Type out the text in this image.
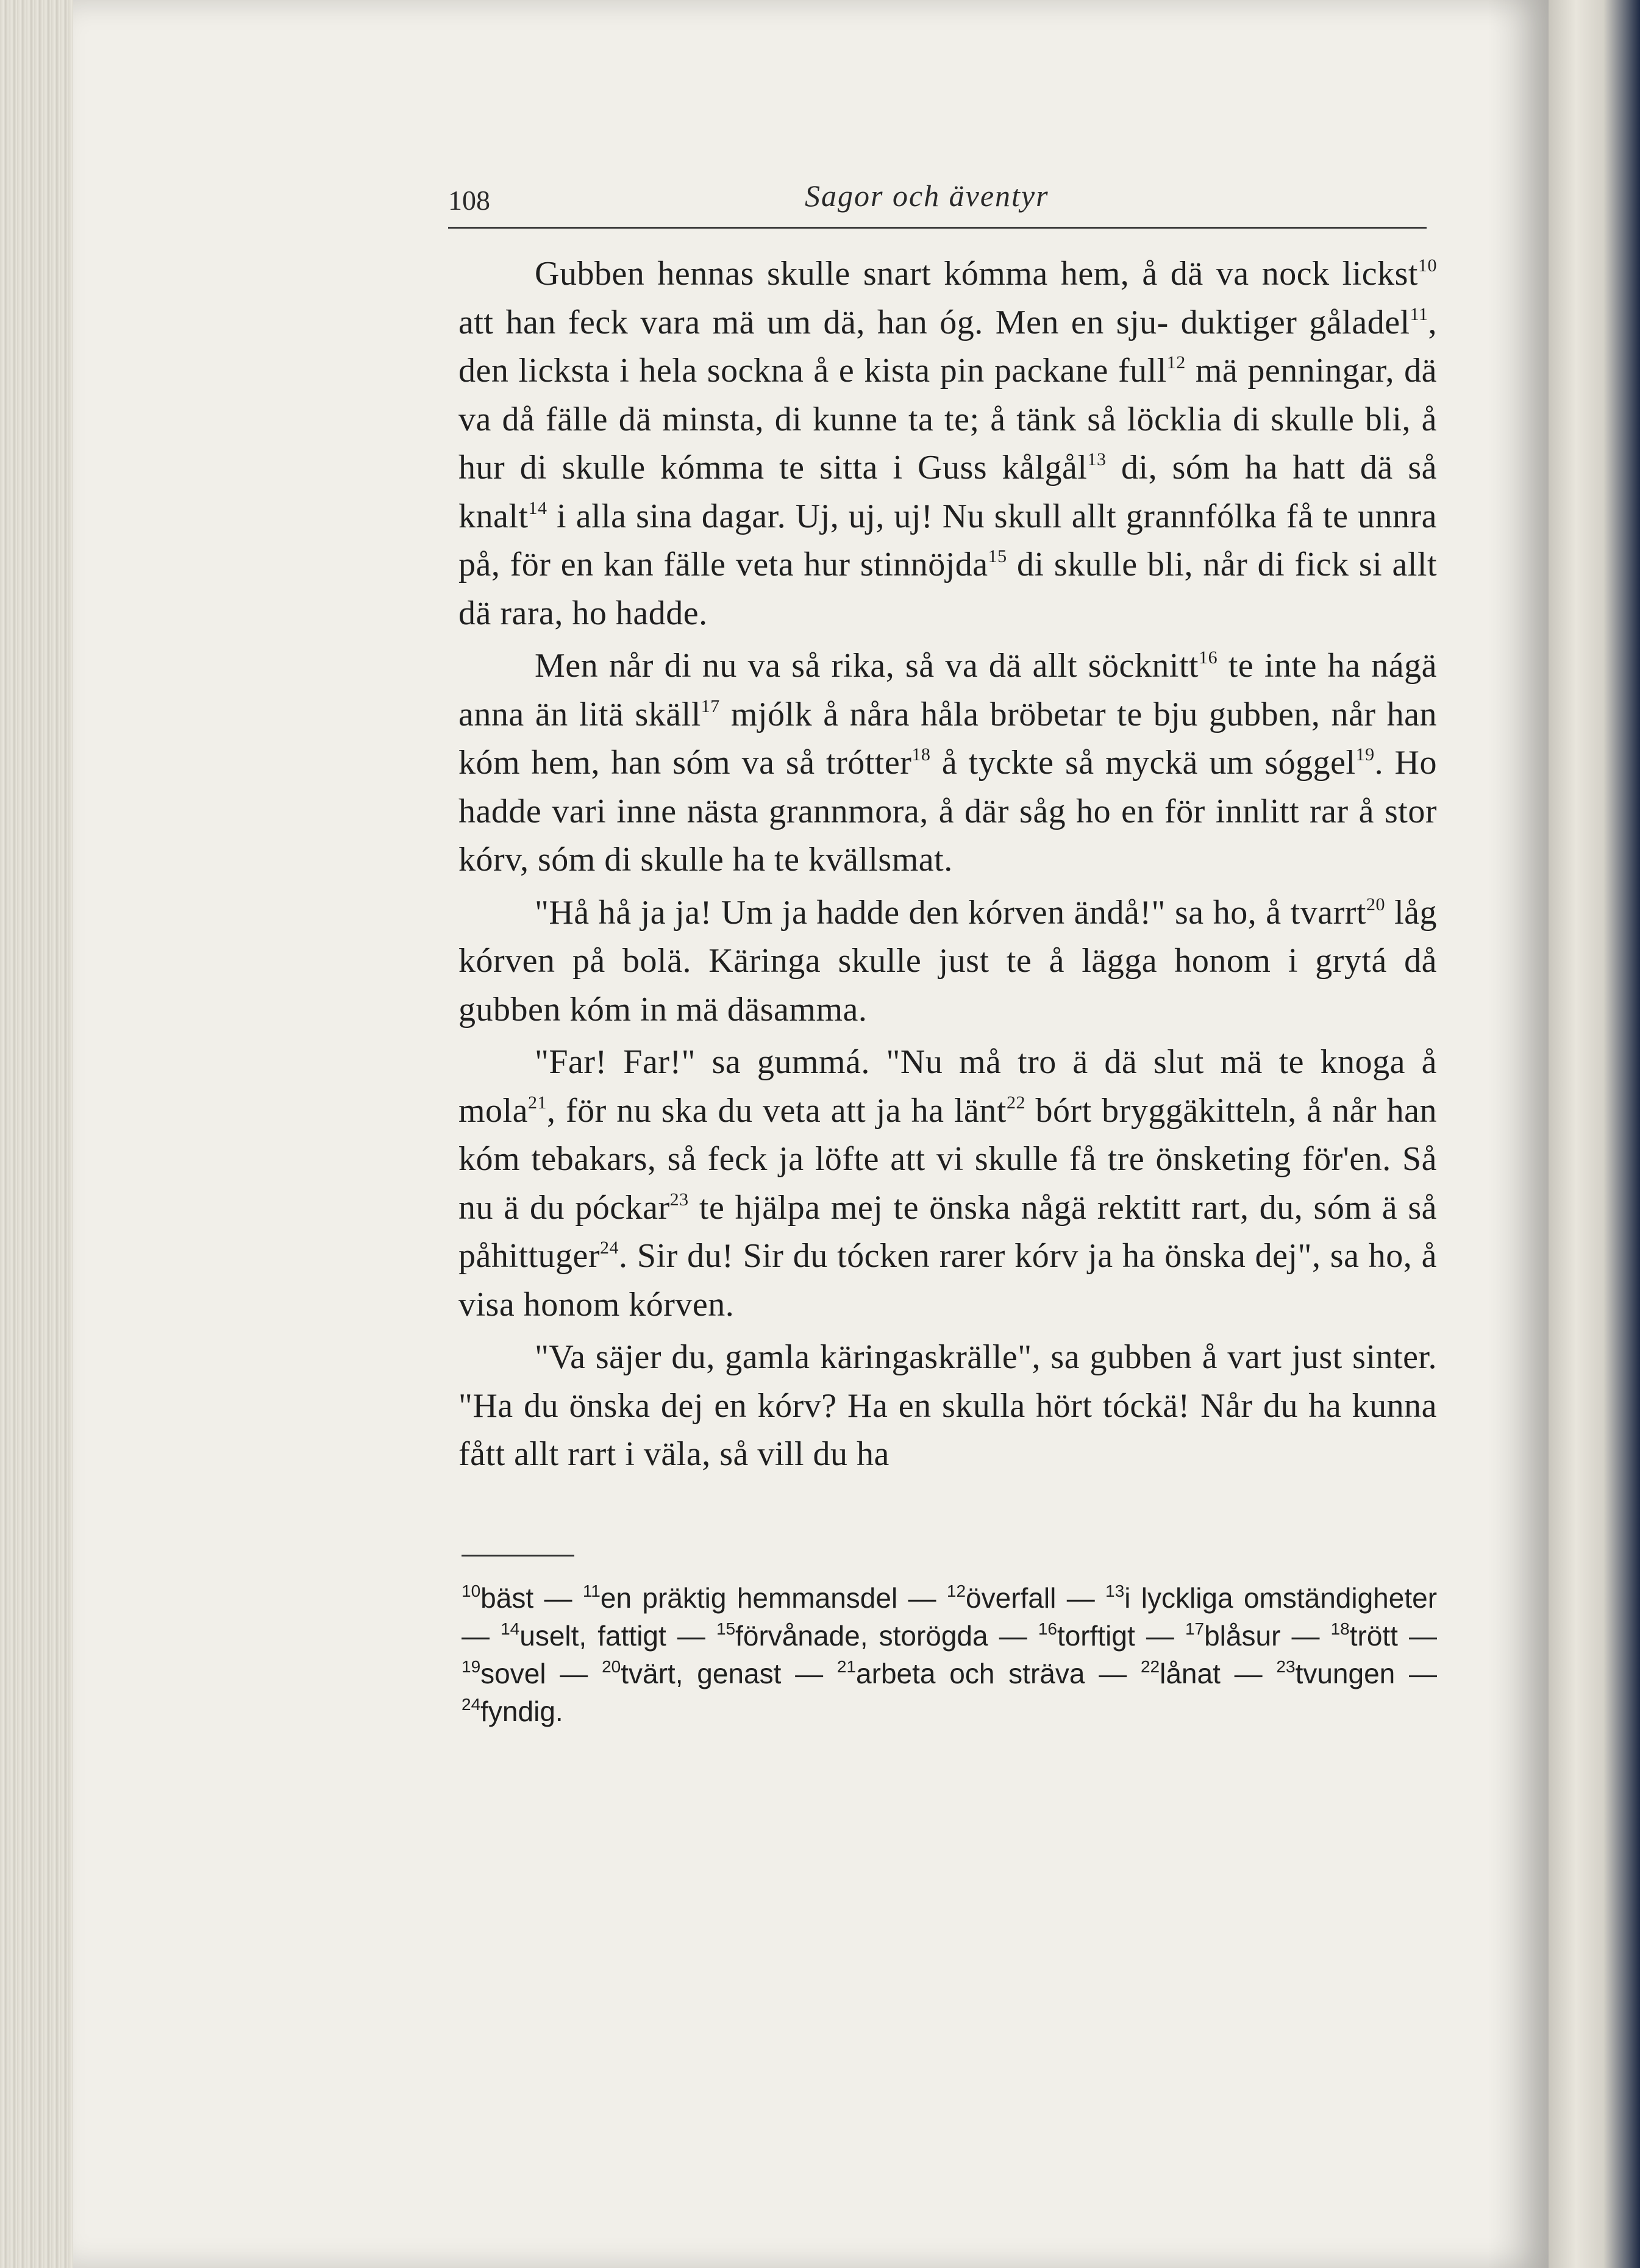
108	Sagor och äventyr

Gubben hennas skulle snart kómma hem, å dä va nock lickst$^{10}$ att han feck vara mä um dä, han óg. Men en sju- duktiger gåladel$^{11}$, den licksta i hela sockna å e kista pin packane full$^{12}$ mä penningar, dä va då fälle dä minsta, di kunne ta te; å tänk så löcklia di skulle bli, å hur di skulle kómma te sitta i Guss kålgål$^{13}$ di, sóm ha hatt dä så knalt$^{14}$ i alla sina dagar. Uj, uj, uj! Nu skull allt grannfólka få te unnra på, för en kan fälle veta hur stinnöjda$^{15}$ di skulle bli, når di fick si allt dä rara, ho hadde.

Men når di nu va så rika, så va dä allt söcknitt$^{16}$ te inte ha nágä anna än litä skäll$^{17}$ mjólk å nåra håla bröbetar te bju gubben, når han kóm hem, han sóm va så trótter$^{18}$ å tyckte så myckä um sóggel$^{19}$. Ho hadde vari inne nästa grannmora, å där såg ho en för innlitt rar å stor kórv, sóm di skulle ha te kvällsmat.

"Hå hå ja ja! Um ja hadde den kórven ändå!" sa ho, å tvarrt$^{20}$ låg kórven på bolä. Käringa skulle just te å lägga honom i grytá då gubben kóm in mä däsamma.

"Far! Far!" sa gummá. "Nu må tro ä dä slut mä te knoga å mola$^{21}$, för nu ska du veta att ja ha länt$^{22}$ bórt bryggäkitteln, å når han kóm tebakars, så feck ja löfte att vi skulle få tre önsketing för'en. Så nu ä du póckar$^{23}$ te hjälpa mej te önska någä rektitt rart, du, sóm ä så påhittuger$^{24}$. Sir du! Sir du tócken rarer kórv ja ha önska dej", sa ho, å visa honom kórven.

"Va säjer du, gamla käringaskrälle", sa gubben å vart just sinter. "Ha du önska dej en kórv? Ha en skulla hört tóckä! Når du ha kunna fått allt rart i väla, så vill du ha

$^{10}$bäst — $^{11}$en präktig hemmansdel — $^{12}$överfall — $^{13}$i lyckliga omständigheter — $^{14}$uselt, fattigt — $^{15}$förvånade, storögda — $^{16}$torftigt — $^{17}$blåsur — $^{18}$trött — $^{19}$sovel — $^{20}$tvärt, genast — $^{21}$arbeta och sträva — $^{22}$lånat — $^{23}$tvungen — $^{24}$fyndig.
